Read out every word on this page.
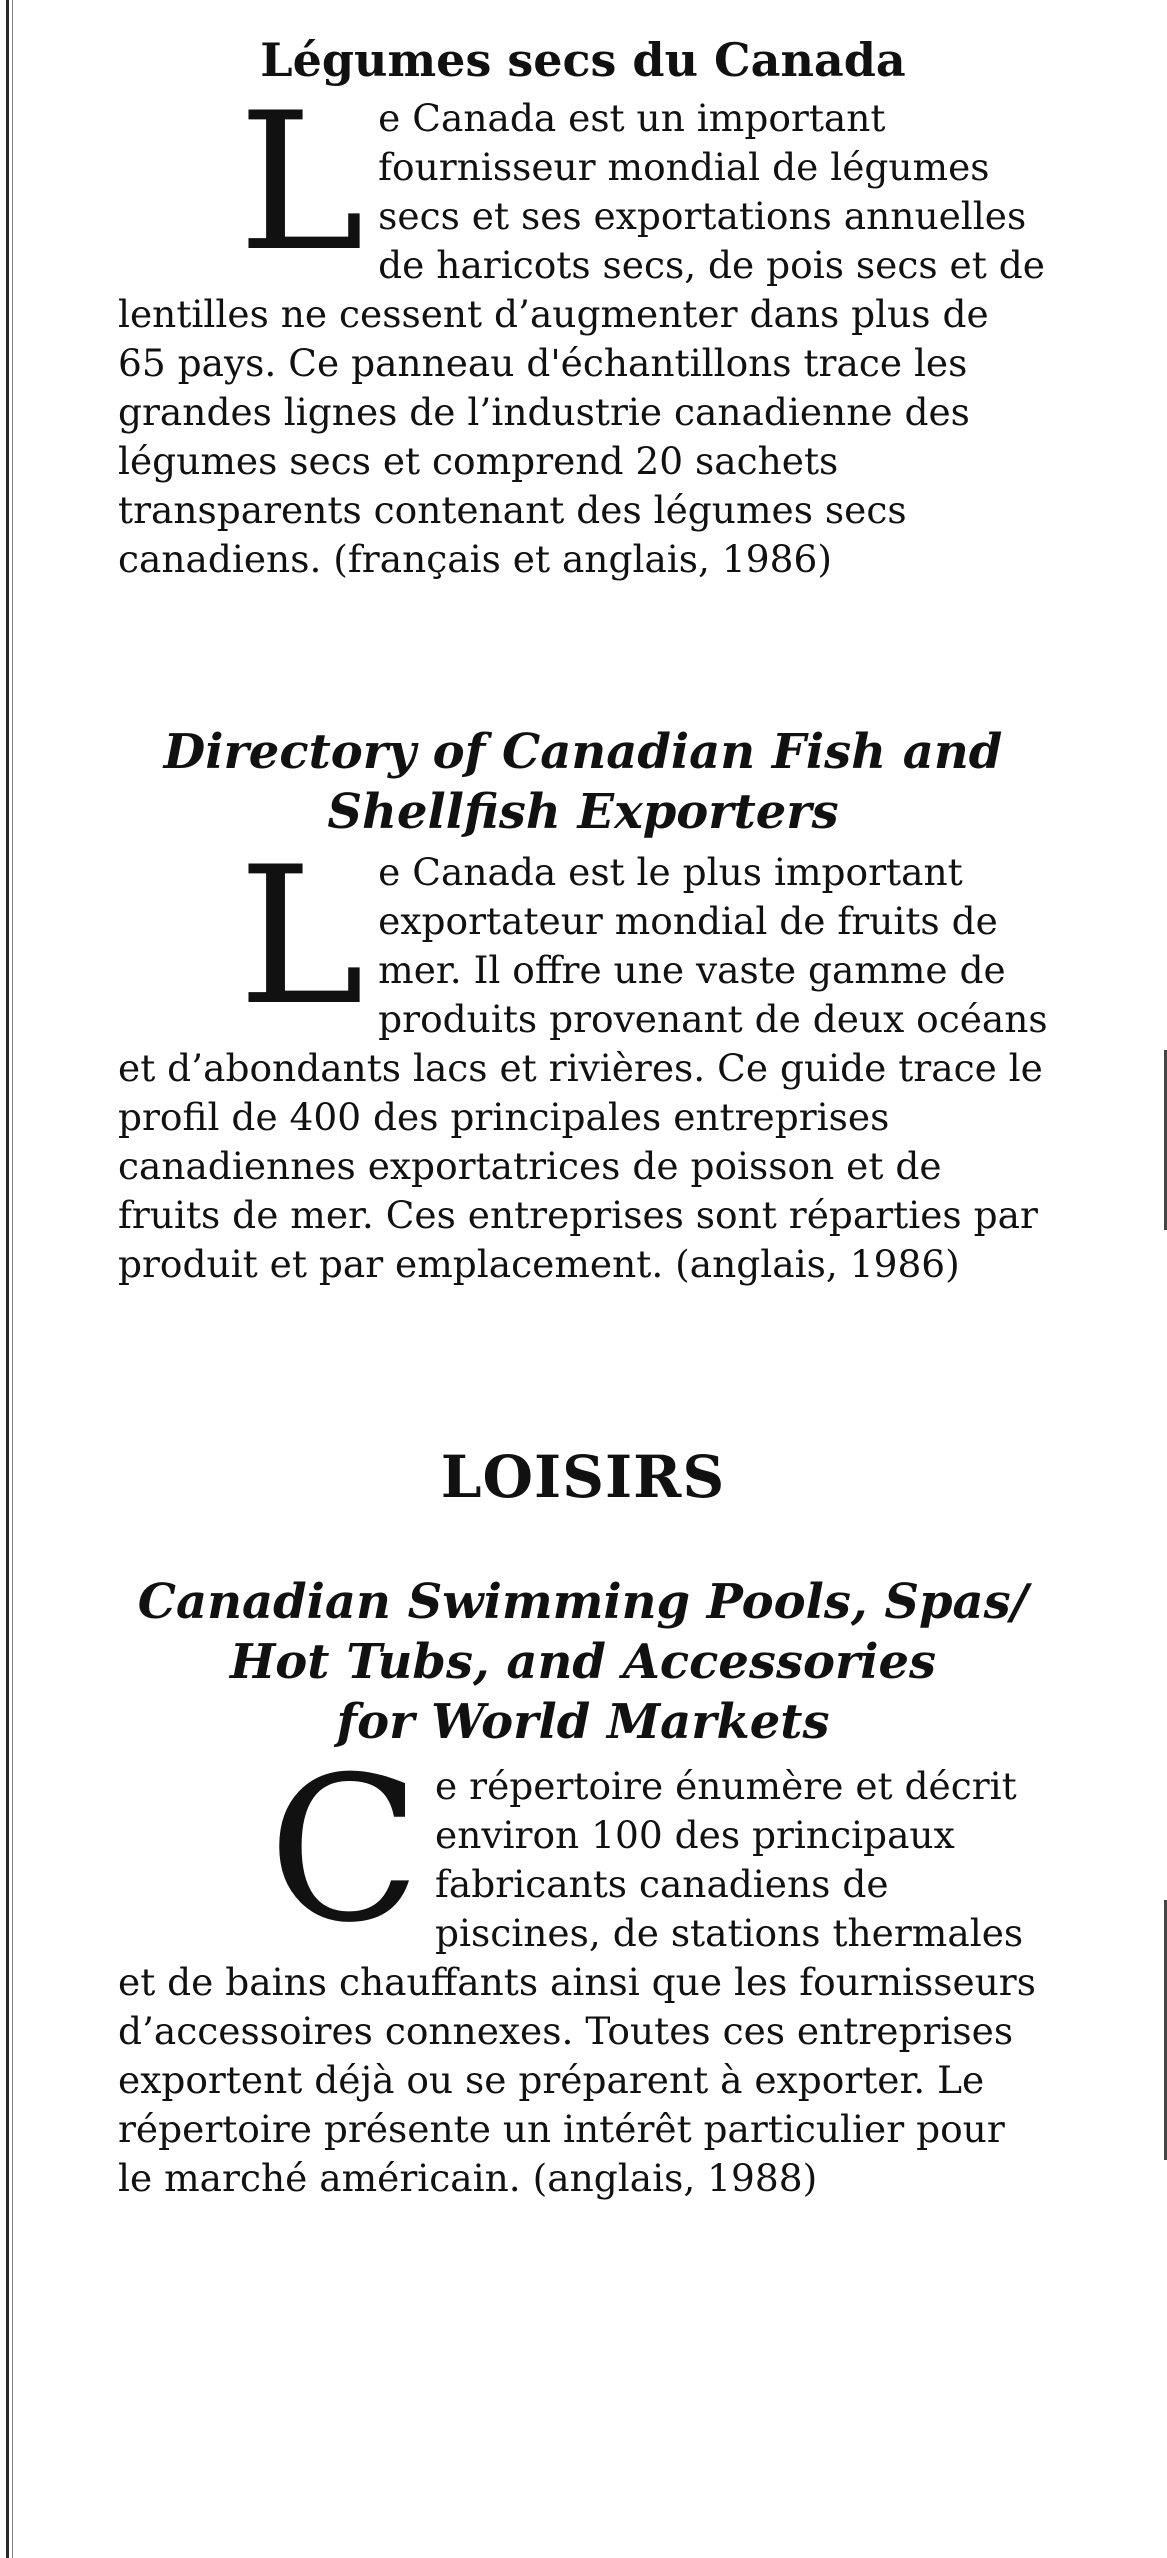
Légumes secs du Canada

Le Canada est un important fournisseur mondial de légumes secs et ses exportations annuelles de haricots secs, de pois secs et de lentilles ne cessent d’augmenter dans plus de 65 pays. Ce panneau d'échantillons trace les grandes lignes de l’industrie canadienne des légumes secs et comprend 20 sachets transparents contenant des légumes secs canadiens. (français et anglais, 1986)

Directory of Canadian Fish and
Shellfish Exporters

Le Canada est le plus important exportateur mondial de fruits de mer. Il offre une vaste gamme de produits provenant de deux océans et d’abondants lacs et rivières. Ce guide trace le profil de 400 des principales entreprises canadiennes exportatrices de poisson et de fruits de mer. Ces entreprises sont réparties par produit et par emplacement. (anglais, 1986)

LOISIRS
Canadian Swimming Pools, Spas/
Hot Tubs, and Accessories
for World Markets

Ce répertoire énumère et décrit environ 100 des principaux fabricants canadiens de piscines, de stations thermales et de bains chauffants ainsi que les fournisseurs d’accessoires connexes. Toutes ces entreprises exportent déjà ou se préparent à exporter. Le répertoire présente un intérêt particulier pour le marché américain. (anglais, 1988)
